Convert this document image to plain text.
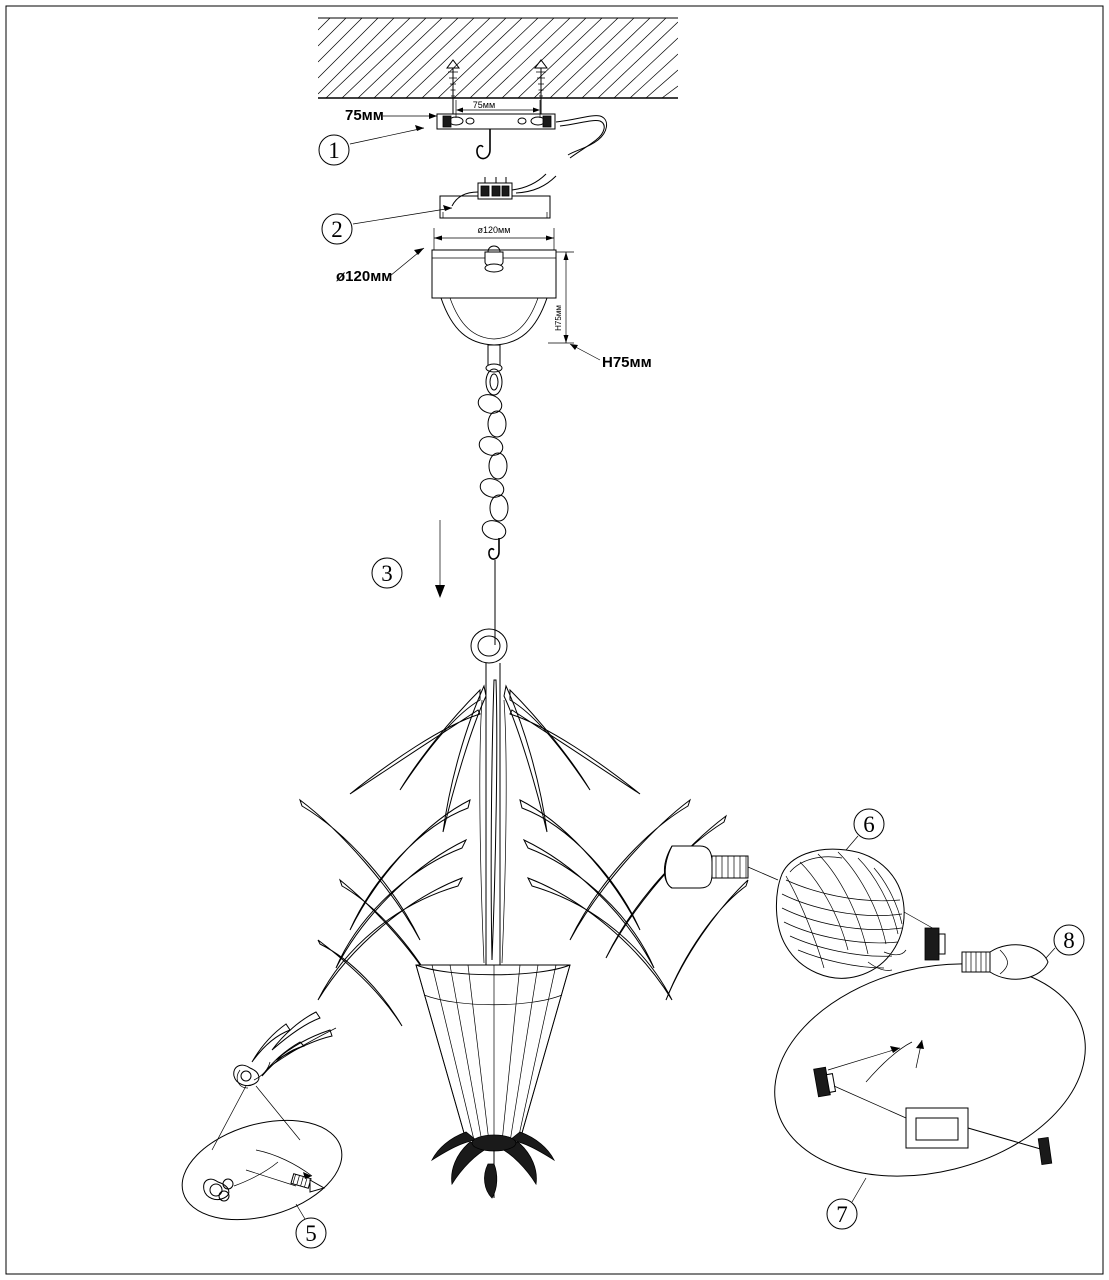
75мм
75мм
1
2	ø120мм
ø120мм
H75мм
H75мм
3
6
7
8
5
